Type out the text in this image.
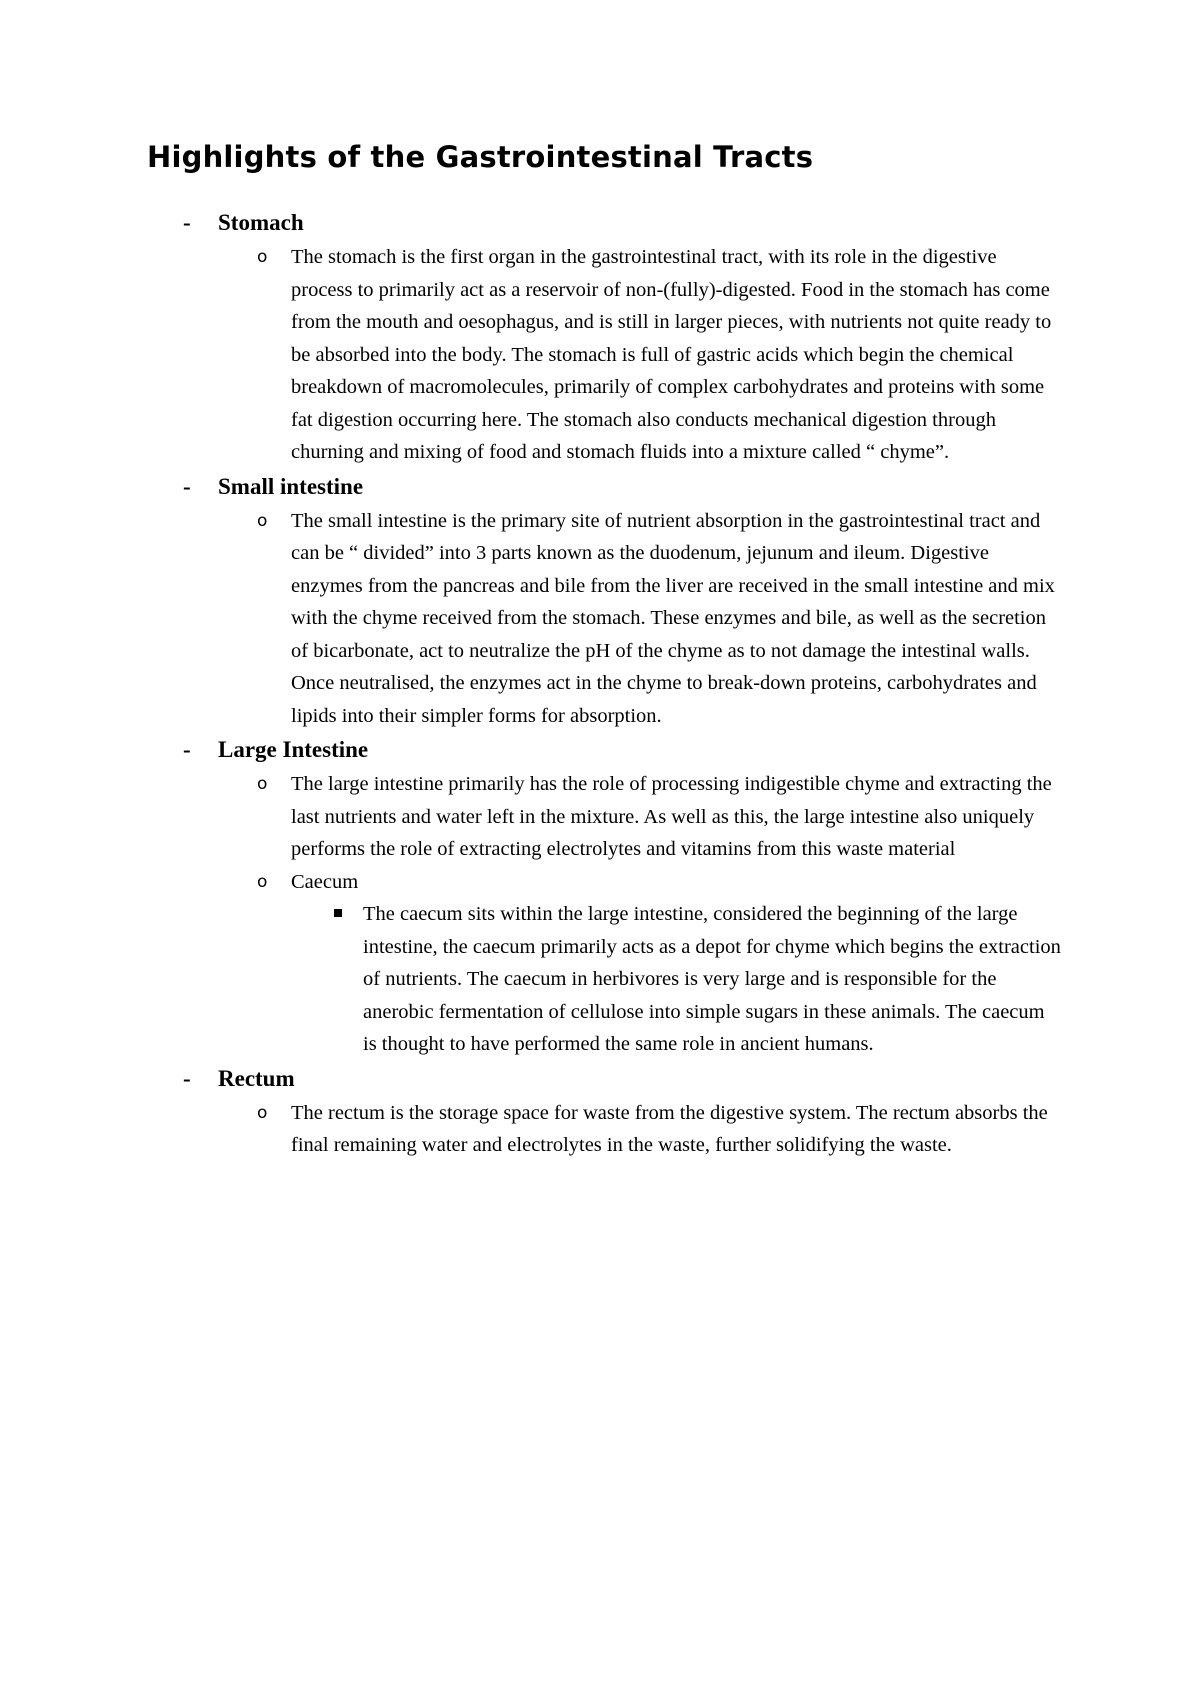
Highlights of the Gastrointestinal Tracts
-	Stomach
o The stomach is the first organ in the gastrointestinal tract, with its role in the digestive process to primarily act as a reservoir of non-(fully)-digested. Food in the stomach has come from the mouth and oesophagus, and is still in larger pieces, with nutrients not quite ready to be absorbed into the body. The stomach is full of gastric acids which begin the chemical breakdown of macromolecules, primarily of complex carbohydrates and proteins with some fat digestion occurring here. The stomach also conducts mechanical digestion through churning and mixing of food and stomach fluids into a mixture called “ chyme”.
-	Small intestine
o The small intestine is the primary site of nutrient absorption in the gastrointestinal tract and can be “ divided” into 3 parts known as the duodenum, jejunum and ileum. Digestive enzymes from the pancreas and bile from the liver are received in the small intestine and mix with the chyme received from the stomach. These enzymes and bile, as well as the secretion of bicarbonate, act to neutralize the pH of the chyme as to not damage the intestinal walls. Once neutralised, the enzymes act in the chyme to break-down proteins, carbohydrates and lipids into their simpler forms for absorption.
-	Large Intestine
o The large intestine primarily has the role of processing indigestible chyme and extracting the last nutrients and water left in the mixture. As well as this, the large intestine also uniquely performs the role of extracting electrolytes and vitamins from this waste material
o Caecum
The caecum sits within the large intestine, considered the beginning of the large intestine, the caecum primarily acts as a depot for chyme which begins the extraction of nutrients. The caecum in herbivores is very large and is responsible for the anerobic fermentation of cellulose into simple sugars in these animals. The caecum is thought to have performed the same role in ancient humans.
-	Rectum
o The rectum is the storage space for waste from the digestive system. The rectum absorbs the final remaining water and electrolytes in the waste, further solidifying the waste.
